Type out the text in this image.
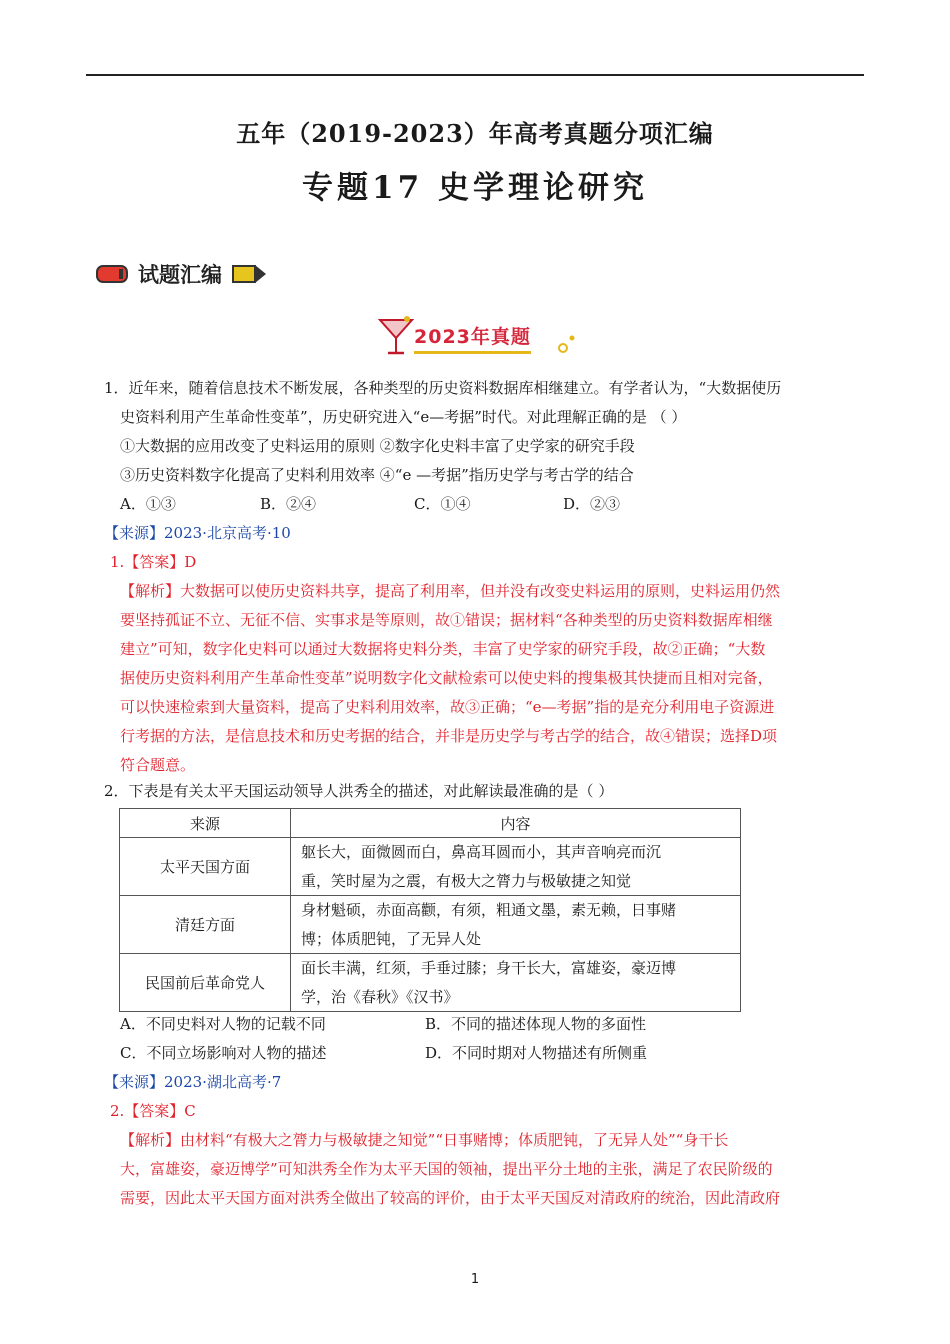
五年（2019-2023）年高考真题分项汇编
专题17 史学理论研究
试题汇编
2023年真题
1．近年来，随着信息技术不断发展，各种类型的历史资料数据库相继建立。有学者认为，“大数据使历
史资料利用产生革命性变革”，历史研究进入“e—考据”时代。对此理解正确的是 （ ）
①大数据的应用改变了史料运用的原则 ②数字化史料丰富了史学家的研究手段
③历史资料数字化提高了史料利用效率 ④“e —考据”指历史学与考古学的结合
A．①③	B．②④	C．①④	D．②③
【来源】2023·北京高考·10
1.【答案】D
【解析】大数据可以使历史资料共享，提高了利用率，但并没有改变史料运用的原则，史料运用仍然
要坚持孤证不立、无征不信、实事求是等原则，故①错误；据材料“各种类型的历史资料数据库相继
建立”可知，数字化史料可以通过大数据将史料分类，丰富了史学家的研究手段，故②正确；“大数
据使历史资料利用产生革命性变革”说明数字化文献检索可以使史料的搜集极其快捷而且相对完备，
可以快速检索到大量资料，提高了史料利用效率，故③正确；“e—考据”指的是充分利用电子资源进
行考据的方法，是信息技术和历史考据的结合，并非是历史学与考古学的结合，故④错误；选择D项
符合题意。
2．下表是有关太平天国运动领导人洪秀全的描述，对此解读最准确的是（ ）
来源	内容
太平天国方面	躯长大，面微圆而白，鼻高耳圆而小，其声音响亮而沉
重，笑时屋为之震，有极大之膂力与极敏捷之知觉

清廷方面	身材魁硕，赤面高颧，有须，粗通文墨，素无赖，日事赌
博；体质肥钝，了无异人处

民国前后革命党人	面长丰满，红须，手垂过膝；身干长大，富雄姿，豪迈博
学，治《春秋》《汉书》
A．不同史料对人物的记载不同	B．不同的描述体现人物的多面性
C．不同立场影响对人物的描述	D．不同时期对人物描述有所侧重
【来源】2023·湖北高考·7
2.【答案】C
【解析】由材料“有极大之膂力与极敏捷之知觉”“日事赌博；体质肥钝，了无异人处”“身干长
大，富雄姿，豪迈博学”可知洪秀全作为太平天国的领袖，提出平分土地的主张，满足了农民阶级的
需要，因此太平天国方面对洪秀全做出了较高的评价，由于太平天国反对清政府的统治，因此清政府
1
